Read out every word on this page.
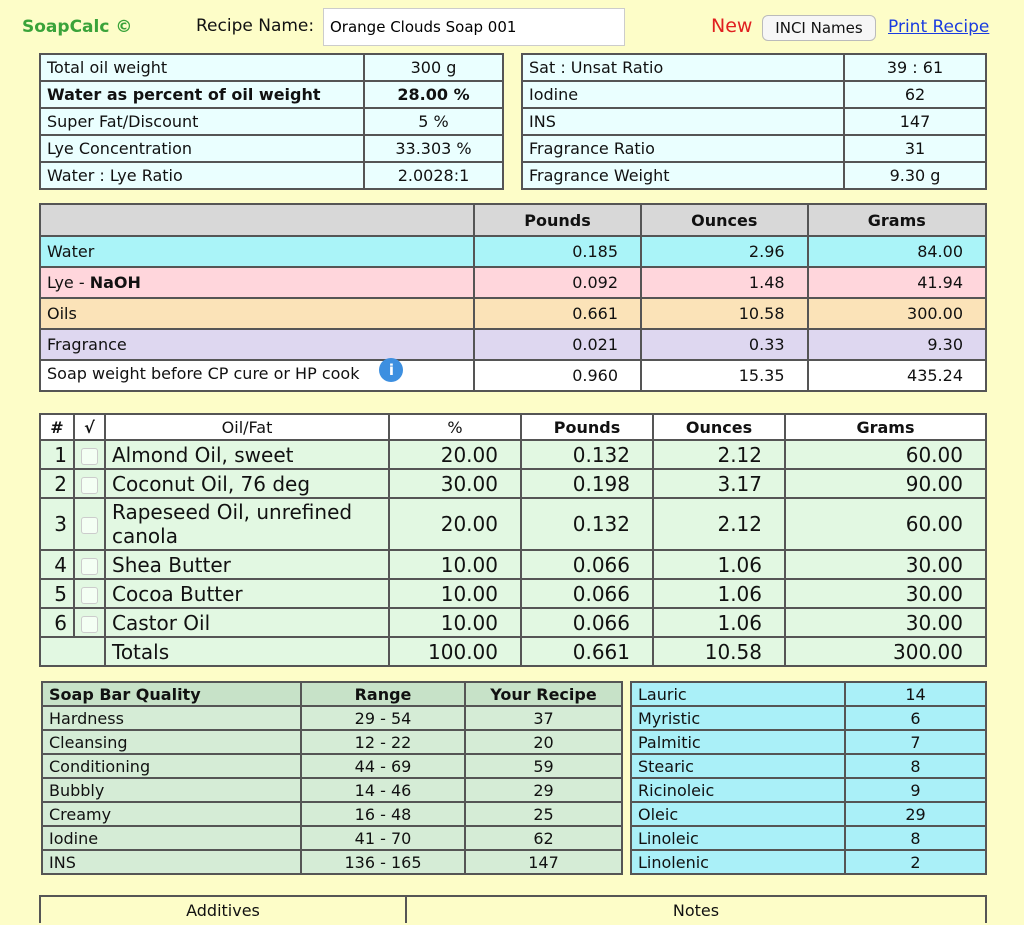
SoapCalc ©	Recipe Name:
Orange Clouds Soap 001	New	INCI Names	Print Recipe
Total oil weight	300 g
Water as percent of oil weight	28.00 %
Super Fat/Discount	5 %
Lye Concentration	33.303 %
Water : Lye Ratio	2.0028:1
Sat : Unsat Ratio	39 : 61
Iodine	62
INS	147
Fragrance Ratio	31
Fragrance Weight	9.30 g
	Pounds	Ounces	Grams
Water	0.185	2.96	84.00
Lye - NaOH	0.092	1.48	41.94
Oils	0.661	10.58	300.00
Fragrance	0.021	0.33	9.30
Soap weight before CP cure or HP cook i	0.960	15.35	435.24
#	√	Oil/Fat	%	Pounds	Ounces	Grams
1		Almond Oil, sweet	20.00	0.132	2.12	60.00
2		Coconut Oil, 76 deg	30.00	0.198	3.17	90.00
3		Rapeseed Oil, unrefined
canola	20.00	0.132	2.12	60.00
4		Shea Butter	10.00	0.066	1.06	30.00
5		Cocoa Butter	10.00	0.066	1.06	30.00
6		Castor Oil	10.00	0.066	1.06	30.00
		Totals	100.00	0.661	10.58	300.00
Soap Bar Quality	Range	Your Recipe
Hardness	29 - 54	37
Cleansing	12 - 22	20
Conditioning	44 - 69	59
Bubbly	14 - 46	29
Creamy	16 - 48	25
Iodine	41 - 70	62
INS	136 - 165	147
Lauric	14
Myristic	6
Palmitic	7
Stearic	8
Ricinoleic	9
Oleic	29
Linoleic	8
Linolenic	2
Additives	Notes
